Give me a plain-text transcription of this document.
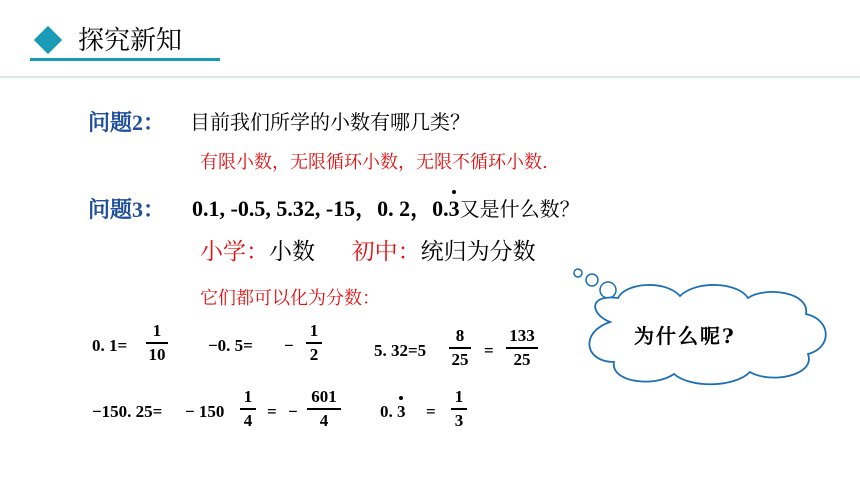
探究新知
问题2： 目前我们所学的小数有哪几类？
有限小数，无限循环小数，无限不循环小数.
问题3： 0.1, -0.5, 5.32, -15，0. 2，0.3又是什么数？
小学：小数 初中：统归为分数
它们都可以化为分数：
0. 1=
1
10	−0. 5= −
1
2	5. 32=5
8
25 =
133
25
−150. 25= − 150
1
4 = −
601
4	0. 3 =
1
3
为什么呢?
